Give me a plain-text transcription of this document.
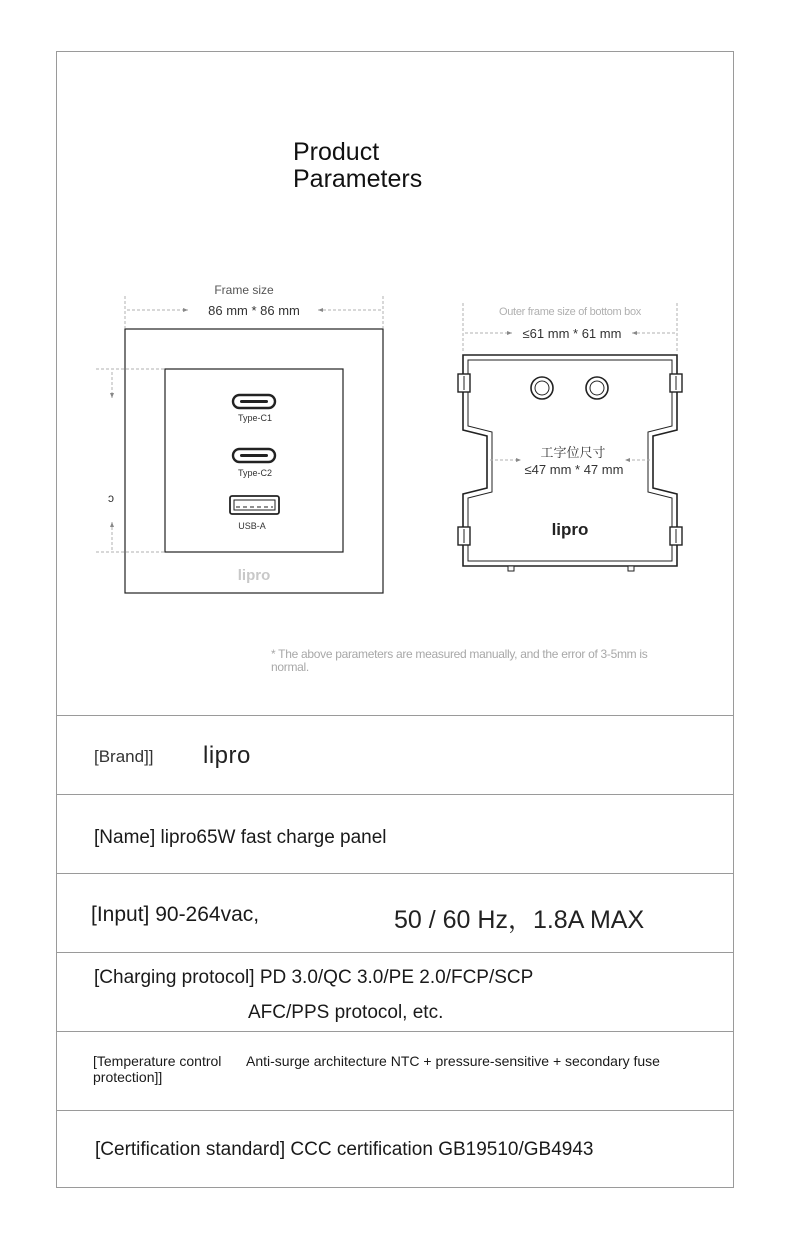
Product
Parameters
Frame size
86 mm * 86 mm
ɔ
Type-C1
Type-C2
USB-A
lipro
Outer frame size of bottom box
≤61 mm * 61 mm
工字位尺寸
≤47 mm * 47 mm
lipro
* The above parameters are measured manually, and the error of 3-5mm is normal.
[Brand]] lipro
[Name] lipro65W fast charge panel
[Input] 90-264vac,	50 / 60 Hz，1.8A MAX
[Charging protocol] PD 3.0/QC 3.0/PE 2.0/FCP/SCP
AFC/PPS protocol, etc.
[Temperature control protection]]
Anti-surge architecture NTC + pressure-sensitive + secondary fuse
[Certification standard] CCC certification GB19510/GB4943
